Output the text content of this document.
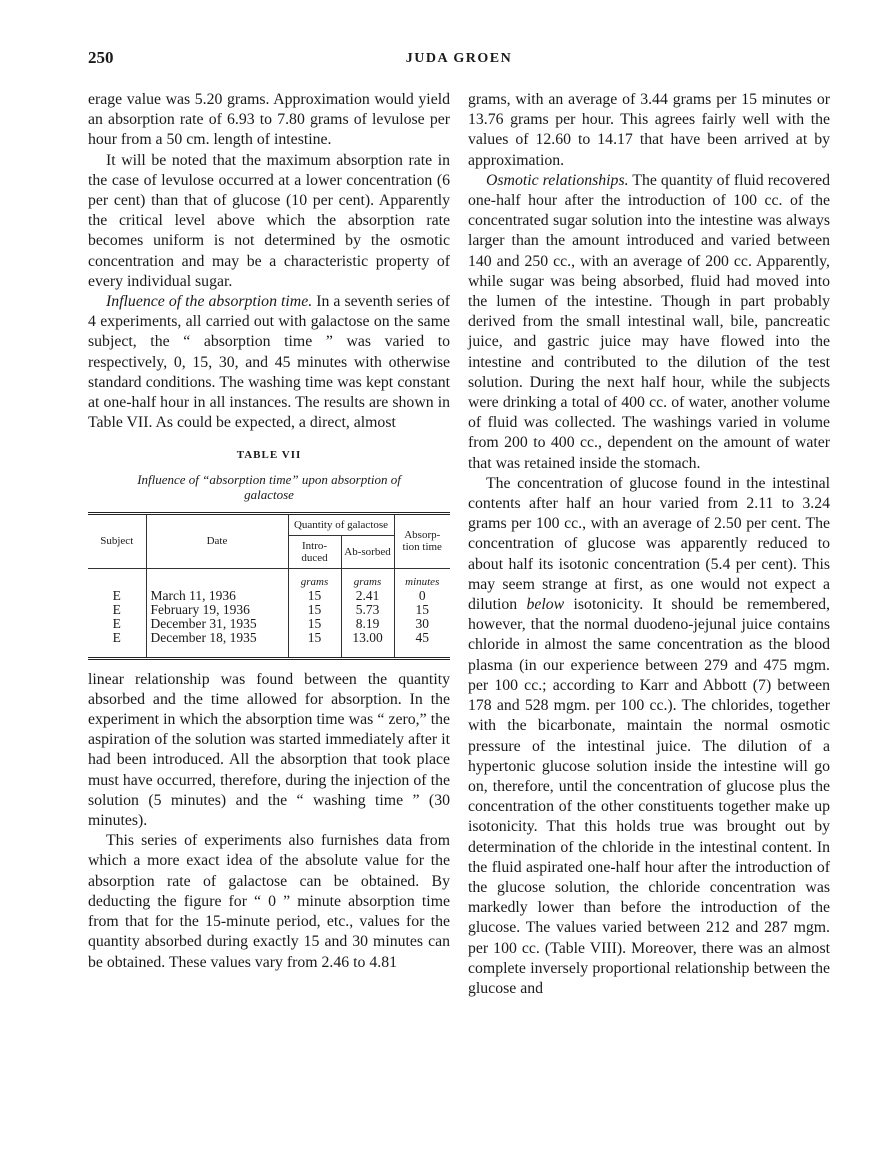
250	JUDA GROEN

erage value was 5.20 grams. Approximation would yield an absorption rate of 6.93 to 7.80 grams of levulose per hour from a 50 cm. length of intestine.

It will be noted that the maximum absorption rate in the case of levulose occurred at a lower concentration (6 per cent) than that of glucose (10 per cent). Apparently the critical level above which the absorption rate becomes uniform is not determined by the osmotic concentration and may be a characteristic property of every individual sugar.

Influence of the absorption time. In a seventh series of 4 experiments, all carried out with galactose on the same subject, the “ absorption time ” was varied to respectively, 0, 15, 30, and 45 minutes with otherwise standard conditions. The washing time was kept constant at one-half hour in all instances. The results are shown in Table VII. As could be expected, a direct, almost

TABLE VII
Influence of “absorption time” upon absorption of galactose
Subject	Date	Quantity of galactose		Absorp-tion time
		Intro-duced	Ab-sorbed	
		grams	grams	minutes
E	March 11, 1936	15	2.41	0
E	February 19, 1936	15	5.73	15
E	December 31, 1935	15	8.19	30
E	December 18, 1935	15	13.00	45

linear relationship was found between the quantity absorbed and the time allowed for absorption. In the experiment in which the absorption time was “ zero,” the aspiration of the solution was started immediately after it had been introduced. All the absorption that took place must have occurred, therefore, during the injection of the solution (5 minutes) and the “ washing time ” (30 minutes).

This series of experiments also furnishes data from which a more exact idea of the absolute value for the absorption rate of galactose can be obtained. By deducting the figure for “ 0 ” minute absorption time from that for the 15-minute period, etc., values for the quantity absorbed during exactly 15 and 30 minutes can be obtained. These values vary from 2.46 to 4.81

grams, with an average of 3.44 grams per 15 minutes or 13.76 grams per hour. This agrees fairly well with the values of 12.60 to 14.17 that have been arrived at by approximation.

Osmotic relationships. The quantity of fluid recovered one-half hour after the introduction of 100 cc. of the concentrated sugar solution into the intestine was always larger than the amount introduced and varied between 140 and 250 cc., with an average of 200 cc. Apparently, while sugar was being absorbed, fluid had moved into the lumen of the intestine. Though in part probably derived from the small intestinal wall, bile, pancreatic juice, and gastric juice may have flowed into the intestine and contributed to the dilution of the test solution. During the next half hour, while the subjects were drinking a total of 400 cc. of water, another volume of fluid was collected. The washings varied in volume from 200 to 400 cc., dependent on the amount of water that was retained inside the stomach.

The concentration of glucose found in the intestinal contents after half an hour varied from 2.11 to 3.24 grams per 100 cc., with an average of 2.50 per cent. The concentration of glucose was apparently reduced to about half its isotonic concentration (5.4 per cent). This may seem strange at first, as one would not expect a dilution below isotonicity. It should be remembered, however, that the normal duodeno-jejunal juice contains chloride in almost the same concentration as the blood plasma (in our experience between 279 and 475 mgm. per 100 cc.; according to Karr and Abbott (7) between 178 and 528 mgm. per 100 cc.). The chlorides, together with the bicarbonate, maintain the normal osmotic pressure of the intestinal juice. The dilution of a hypertonic glucose solution inside the intestine will go on, therefore, until the concentration of glucose plus the concentration of the other constituents together make up isotonicity. That this holds true was brought out by determination of the chloride in the intestinal content. In the fluid aspirated one-half hour after the introduction of the glucose solution, the chloride concentration was markedly lower than before the introduction of the glucose. The values varied between 212 and 287 mgm. per 100 cc. (Table VIII). Moreover, there was an almost complete inversely proportional relationship between the glucose and
